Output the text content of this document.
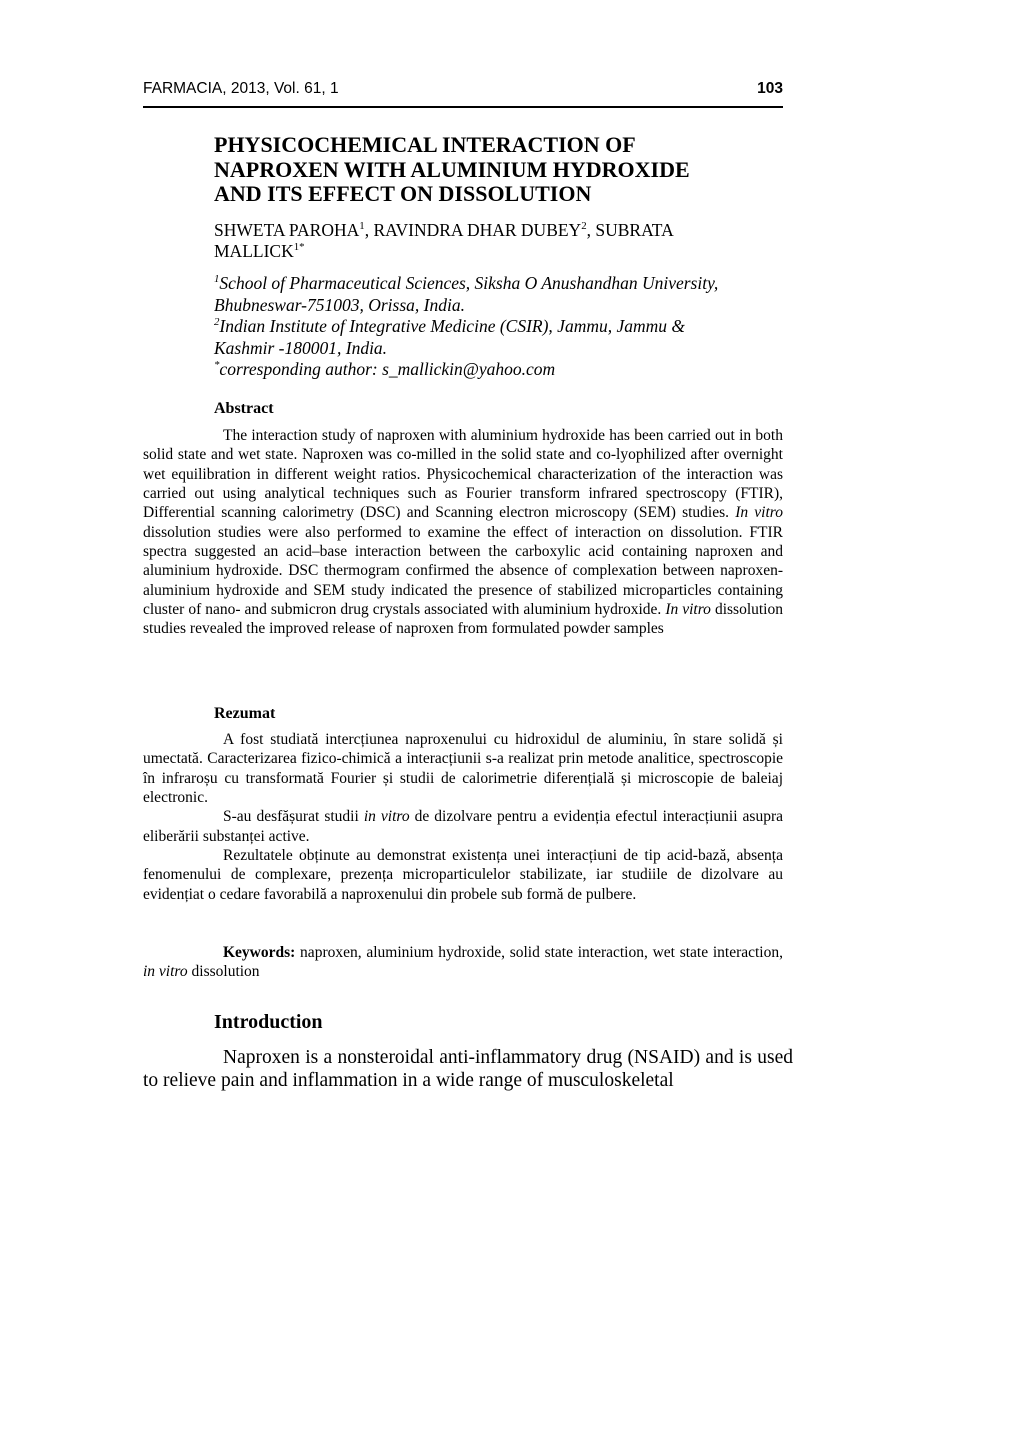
FARMACIA, 2013, Vol. 61, 1	103
PHYSICOCHEMICAL INTERACTION OF
NAPROXEN WITH ALUMINIUM HYDROXIDE
AND ITS EFFECT ON DISSOLUTION
SHWETA PAROHA$^1$, RAVINDRA DHAR DUBEY$^2$, SUBRATA
$MALLICK^{1*}$
$^1$School of Pharmaceutical Sciences, Siksha O Anushandhan University,
Bhubneswar-751003, Orissa, India.
$^2$Indian Institute of Integrative Medicine (CSIR), Jammu, Jammu &
Kashmir -180001, India.
*corresponding author: s_mallickin@yahoo.com
Abstract

The interaction study of naproxen with aluminium hydroxide has been carried out in both solid state and wet state. Naproxen was co-milled in the solid state and co-lyophilized after overnight wet equilibration in different weight ratios. Physicochemical characterization of the interaction was carried out using analytical techniques such as Fourier transform infrared spectroscopy (FTIR), Differential scanning calorimetry (DSC) and Scanning electron microscopy (SEM) studies. In vitro dissolution studies were also performed to examine the effect of interaction on dissolution. FTIR spectra suggested an acid–base interaction between the carboxylic acid containing naproxen and aluminium hydroxide. DSC thermogram confirmed the absence of complexation between naproxen-aluminium hydroxide and SEM study indicated the presence of stabilized microparticles containing cluster of nano- and submicron drug crystals associated with aluminium hydroxide. In vitro dissolution studies revealed the improved release of naproxen from formulated powder samples

Rezumat

A fost studiată intercțiunea naproxenului cu hidroxidul de aluminiu, în stare solidă și umectată. Caracterizarea fizico-chimică a interacțiunii s-a realizat prin metode analitice, spectroscopie în infraroșu cu transformată Fourier și studii de calorimetrie diferențială și microscopie de baleiaj electronic.

S-au desfășurat studii in vitro de dizolvare pentru a evidenția efectul interacțiunii asupra eliberării substanței active.

Rezultatele obținute au demonstrat existența unei interacțiuni de tip acid-bază, absența fenomenului de complexare, prezența microparticulelor stabilizate, iar studiile de dizolvare au evidențiat o cedare favorabilă a naproxenului din probele sub formă de pulbere.

Keywords: naproxen, aluminium hydroxide, solid state interaction, wet state interaction, in vitro dissolution

Introduction

Naproxen is a nonsteroidal anti-inflammatory drug (NSAID) and is used to relieve pain and inflammation in a wide range of musculoskeletal
